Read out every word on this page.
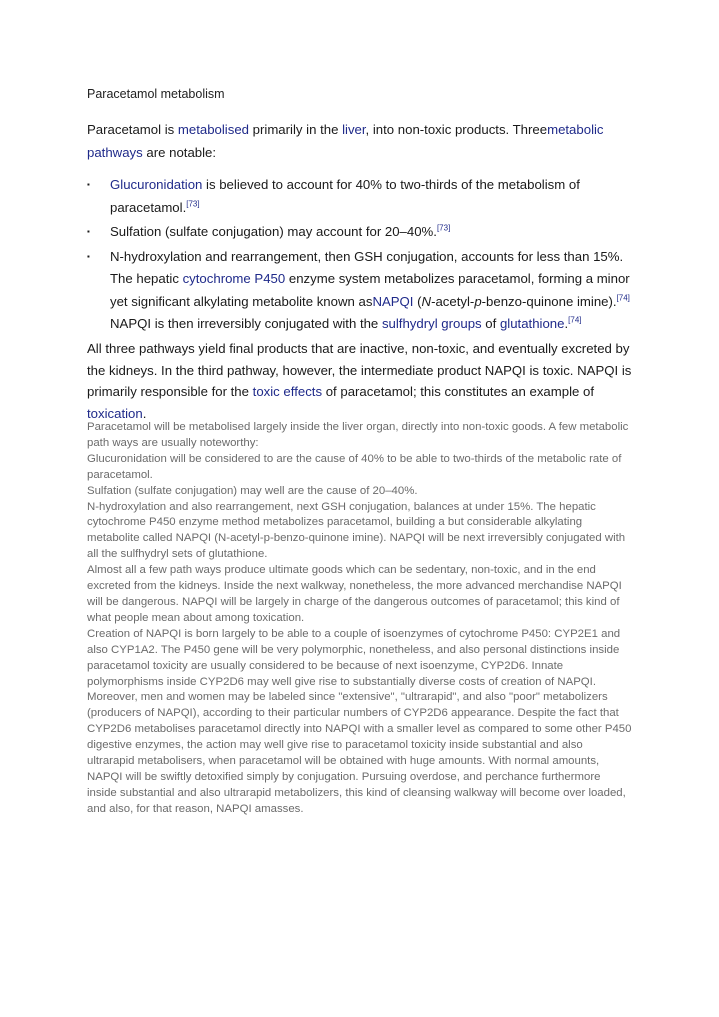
Paracetamol metabolism

Paracetamol is metabolised primarily in the liver, into non-toxic products. Threemetabolic pathways are notable:

▪ Glucuronidation is believed to account for 40% to two-thirds of the metabolism of paracetamol.[73]
▪ Sulfation (sulfate conjugation) may account for 20–40%.[73]
▪ N-hydroxylation and rearrangement, then GSH conjugation, accounts for less than 15%. The hepatic cytochrome P450 enzyme system metabolizes paracetamol, forming a minor yet significant alkylating metabolite known asNAPQI (N-acetyl-p-benzo-quinone imine).[74] NAPQI is then irreversibly conjugated with the sulfhydryl groups of glutathione.[74]
All three pathways yield final products that are inactive, non-toxic, and eventually excreted by the kidneys. In the third pathway, however, the intermediate product NAPQI is toxic. NAPQI is primarily responsible for the toxic effects of paracetamol; this constitutes an example of toxication.

Paracetamol will be metabolised largely inside the liver organ, directly into non-toxic goods. A few metabolic path ways are usually noteworthy:

Glucuronidation will be considered to are the cause of 40% to be able to two-thirds of the metabolic rate of paracetamol.

Sulfation (sulfate conjugation) may well are the cause of 20–40%.

N-hydroxylation and also rearrangement, next GSH conjugation, balances at under 15%. The hepatic cytochrome P450 enzyme method metabolizes paracetamol, building a but considerable alkylating metabolite called NAPQI (N-acetyl-p-benzo-quinone imine). NAPQI will be next irreversibly conjugated with all the sulfhydryl sets of glutathione.

Almost all a few path ways produce ultimate goods which can be sedentary, non-toxic, and in the end excreted from the kidneys. Inside the next walkway, nonetheless, the more advanced merchandise NAPQI will be dangerous. NAPQI will be largely in charge of the dangerous outcomes of paracetamol; this kind of what people mean about among toxication.

Creation of NAPQI is born largely to be able to a couple of isoenzymes of cytochrome P450: CYP2E1 and also CYP1A2. The P450 gene will be very polymorphic, nonetheless, and also personal distinctions inside paracetamol toxicity are usually considered to be because of next isoenzyme, CYP2D6. Innate polymorphisms inside CYP2D6 may well give rise to substantially diverse costs of creation of NAPQI. Moreover, men and women may be labeled since "extensive", "ultrarapid", and also "poor" metabolizers (producers of NAPQI), according to their particular numbers of CYP2D6 appearance. Despite the fact that CYP2D6 metabolises paracetamol directly into NAPQI with a smaller level as compared to some other P450 digestive enzymes, the action may well give rise to paracetamol toxicity inside substantial and also ultrarapid metabolisers, when paracetamol will be obtained with huge amounts. With normal amounts, NAPQI will be swiftly detoxified simply by conjugation. Pursuing overdose, and perchance furthermore inside substantial and also ultrarapid metabolizers, this kind of cleansing walkway will become over loaded, and also, for that reason, NAPQI amasses.
